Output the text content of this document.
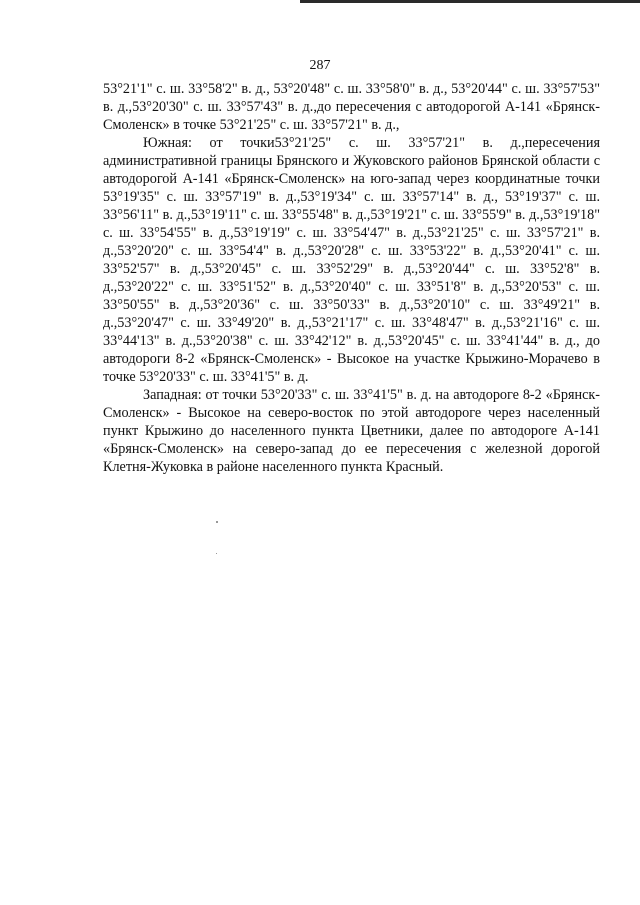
287

53°21'1" с. ш. 33°58'2" в. д., 53°20'48" с. ш. 33°58'0" в. д., 53°20'44" с. ш. 33°57'53" в. д.,53°20'30" с. ш. 33°57'43" в. д.,до пересечения с автодорогой А-141 «Брянск-Смоленск» в точке 53°21'25" с. ш. 33°57'21" в. д.,

Южная: от точки53°21'25" с. ш. 33°57'21" в. д.,пересечения административной границы Брянского и Жуковского районов Брянской области с автодорогой А-141 «Брянск-Смоленск» на юго-запад через координатные точки 53°19'35" с. ш. 33°57'19" в. д.,53°19'34" с. ш. 33°57'14" в. д., 53°19'37" с. ш. 33°56'11" в. д.,53°19'11" с. ш. 33°55'48" в. д.,53°19'21" с. ш. 33°55'9" в. д.,53°19'18" с. ш. 33°54'55" в. д.,53°19'19" с. ш. 33°54'47" в. д.,53°21'25" с. ш. 33°57'21" в. д.,53°20'20" с. ш. 33°54'4" в. д.,53°20'28" с. ш. 33°53'22" в. д.,53°20'41" с. ш. 33°52'57" в. д.,53°20'45" с. ш. 33°52'29" в. д.,53°20'44" с. ш. 33°52'8" в. д.,53°20'22" с. ш. 33°51'52" в. д.,53°20'40" с. ш. 33°51'8" в. д.,53°20'53" с. ш. 33°50'55" в. д.,53°20'36" с. ш. 33°50'33" в. д.,53°20'10" с. ш. 33°49'21" в. д.,53°20'47" с. ш. 33°49'20" в. д.,53°21'17" с. ш. 33°48'47" в. д.,53°21'16" с. ш. 33°44'13" в. д.,53°20'38" с. ш. 33°42'12" в. д.,53°20'45" с. ш. 33°41'44" в. д., до автодороги 8-2 «Брянск-Смоленск» - Высокое на участке Крыжино-Морачево в точке 53°20'33" с. ш. 33°41'5" в. д.

Западная: от точки 53°20'33" с. ш. 33°41'5" в. д. на автодороге 8-2 «Брянск-Смоленск» - Высокое на северо-восток по этой автодороге через населенный пункт Крыжино до населенного пункта Цветники, далее по автодороге А-141 «Брянск-Смоленск» на северо-запад до ее пересечения с железной дорогой Клетня-Жуковка в районе населенного пункта Красный.
